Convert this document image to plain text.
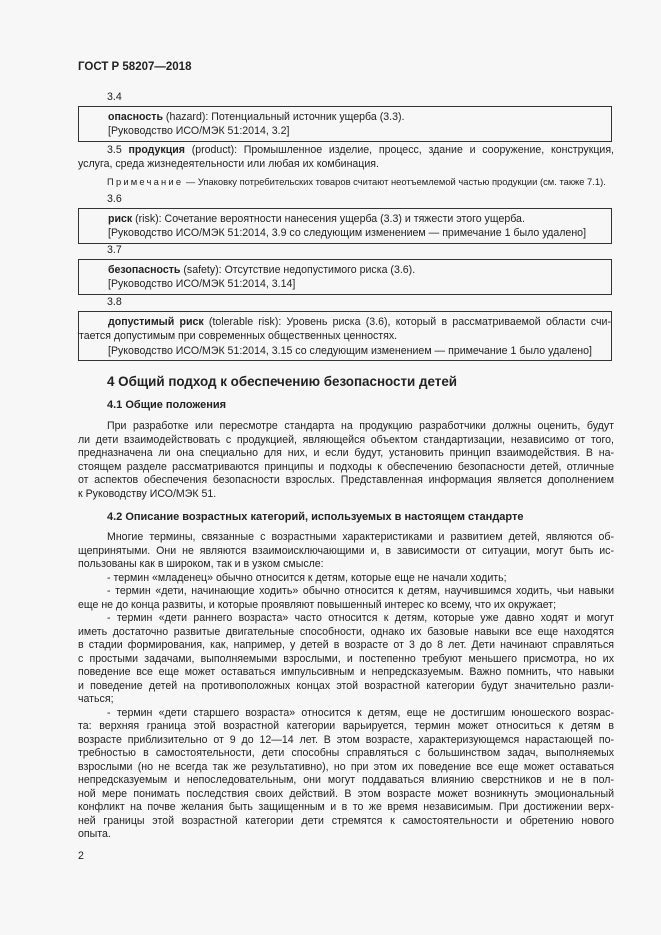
ГОСТ Р 58207—2018
3.4
опасность (hazard): Потенциальный источник ущерба (3.3).
[Руководство ИСО/МЭК 51:2014, 3.2]
3.5 продукция (product): Промышленное изделие, процесс, здание и сооружение, конструкция,
услуга, среда жизнедеятельности или любая их комбинация.
Примечание — Упаковку потребительских товаров считают неотъемлемой частью продукции (см. также 7.1).
3.6
риск (risk): Сочетание вероятности нанесения ущерба (3.3) и тяжести этого ущерба.
[Руководство ИСО/МЭК 51:2014, 3.9 со следующим изменением — примечание 1 было удалено]
3.7
безопасность (safety): Отсутствие недопустимого риска (3.6).
[Руководство ИСО/МЭК 51:2014, 3.14]
3.8
допустимый риск (tolerable risk): Уровень риска (3.6), который в рассматриваемой области счи-
тается допустимым при современных общественных ценностях.
[Руководство ИСО/МЭК 51:2014, 3.15 со следующим изменением — примечание 1 было удалено]
4 Общий подход к обеспечению безопасности детей
4.1 Общие положения
При разработке или пересмотре стандарта на продукцию разработчики должны оценить, будут
ли дети взаимодействовать с продукцией, являющейся объектом стандартизации, независимо от того,
предназначена ли она специально для них, и если будут, установить принцип взаимодействия. В на-
стоящем разделе рассматриваются принципы и подходы к обеспечению безопасности детей, отличные
от аспектов обеспечения безопасности взрослых. Представленная информация является дополнением
к Руководству ИСО/МЭК 51.
4.2 Описание возрастных категорий, используемых в настоящем стандарте
Многие термины, связанные с возрастными характеристиками и развитием детей, являются об-
щепринятыми. Они не являются взаимоисключающими и, в зависимости от ситуации, могут быть ис-
пользованы как в широком, так и в узком смысле:
- термин «младенец» обычно относится к детям, которые еще не начали ходить;
- термин «дети, начинающие ходить» обычно относится к детям, научившимся ходить, чьи навыки
еще не до конца развиты, и которые проявляют повышенный интерес ко всему, что их окружает;
- термин «дети раннего возраста» часто относится к детям, которые уже давно ходят и могут
иметь достаточно развитые двигательные способности, однако их базовые навыки все еще находятся
в стадии формирования, как, например, у детей в возрасте от 3 до 8 лет. Дети начинают справляться
с простыми задачами, выполняемыми взрослыми, и постепенно требуют меньшего присмотра, но их
поведение все еще может оставаться импульсивным и непредсказуемым. Важно помнить, что навыки
и поведение детей на противоположных концах этой возрастной категории будут значительно разли-
чаться;
- термин «дети старшего возраста» относится к детям, еще не достигшим юношеского возрас-
та: верхняя граница этой возрастной категории варьируется, термин может относиться к детям в
возрасте приблизительно от 9 до 12—14 лет. В этом возрасте, характеризующемся нарастающей по-
требностью в самостоятельности, дети способны справляться с большинством задач, выполняемых
взрослыми (но не всегда так же результативно), но при этом их поведение все еще может оставаться
непредсказуемым и непоследовательным, они могут поддаваться влиянию сверстников и не в пол-
ной мере понимать последствия своих действий. В этом возрасте может возникнуть эмоциональный
конфликт на почве желания быть защищенным и в то же время независимым. При достижении верх-
ней границы этой возрастной категории дети стремятся к самостоятельности и обретению нового
опыта.
2
